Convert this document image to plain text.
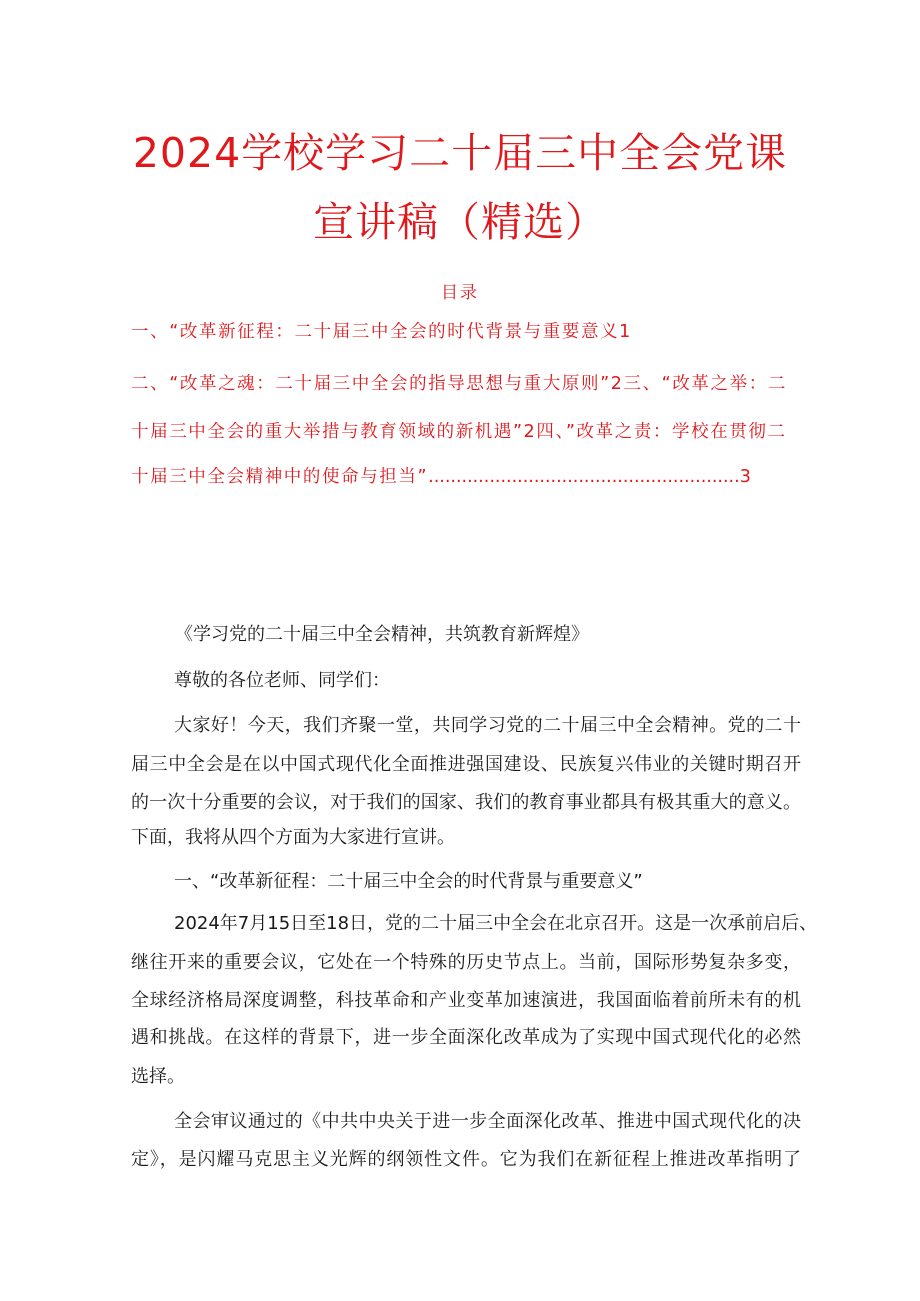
2024学校学习二十届三中全会党课
宣讲稿（精选）
目录
一、“改革新征程：二十届三中全会的时代背景与重要意义1
二、“改革之魂：二十届三中全会的指导思想与重大原则”2三、“改革之举：二
十届三中全会的重大举措与教育领域的新机遇”2四、”改革之责：学校在贯彻二
十届三中全会精神中的使命与担当”........................................................3
《学习党的二十届三中全会精神，共筑教育新辉煌》
尊敬的各位老师、同学们：
大家好！今天，我们齐聚一堂，共同学习党的二十届三中全会精神。党的二十
届三中全会是在以中国式现代化全面推进强国建设、民族复兴伟业的关键时期召开
的一次十分重要的会议，对于我们的国家、我们的教育事业都具有极其重大的意义。
下面，我将从四个方面为大家进行宣讲。
一、“改革新征程：二十届三中全会的时代背景与重要意义”
2024年7月15日至18日，党的二十届三中全会在北京召开。这是一次承前启后、
继往开来的重要会议，它处在一个特殊的历史节点上。当前，国际形势复杂多变，
全球经济格局深度调整，科技革命和产业变革加速演进，我国面临着前所未有的机
遇和挑战。在这样的背景下，进一步全面深化改革成为了实现中国式现代化的必然
选择。
全会审议通过的《中共中央关于进一步全面深化改革、推进中国式现代化的决
定》，是闪耀马克思主义光辉的纲领性文件。它为我们在新征程上推进改革指明了
